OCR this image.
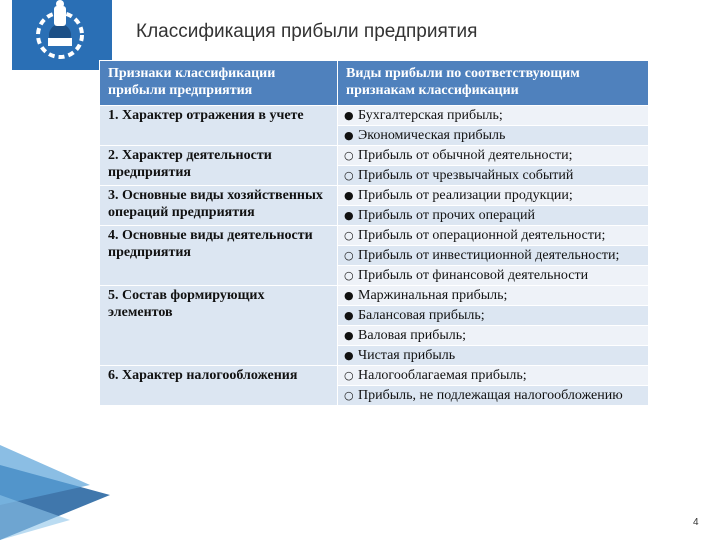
Классификация прибыли предприятия
Признаки классификации прибыли предприятия	Виды прибыли по соответствующим признакам классификации
1. Характер отражения в учете	● Бухгалтерская прибыль;
	● Экономическая прибыль
2. Характер деятельности предприятия	○ Прибыль от обычной деятельности;
	○ Прибыль от чрезвычайных событий
3. Основные виды хозяйственных операций предприятия	● Прибыль от реализации продукции;
	● Прибыль от прочих операций
4. Основные виды деятельности предприятия	○ Прибыль от операционной деятельности;
	○ Прибыль от инвестиционной деятельности;
	○ Прибыль от финансовой деятельности
5. Состав формирующих элементов	● Маржинальная прибыль;
	● Балансовая прибыль;
	● Валовая прибыль;
	● Чистая прибыль
6. Характер налогообложения	○ Налогооблагаемая прибыль;
	○ Прибыль, не подлежащая налогообложению
4
